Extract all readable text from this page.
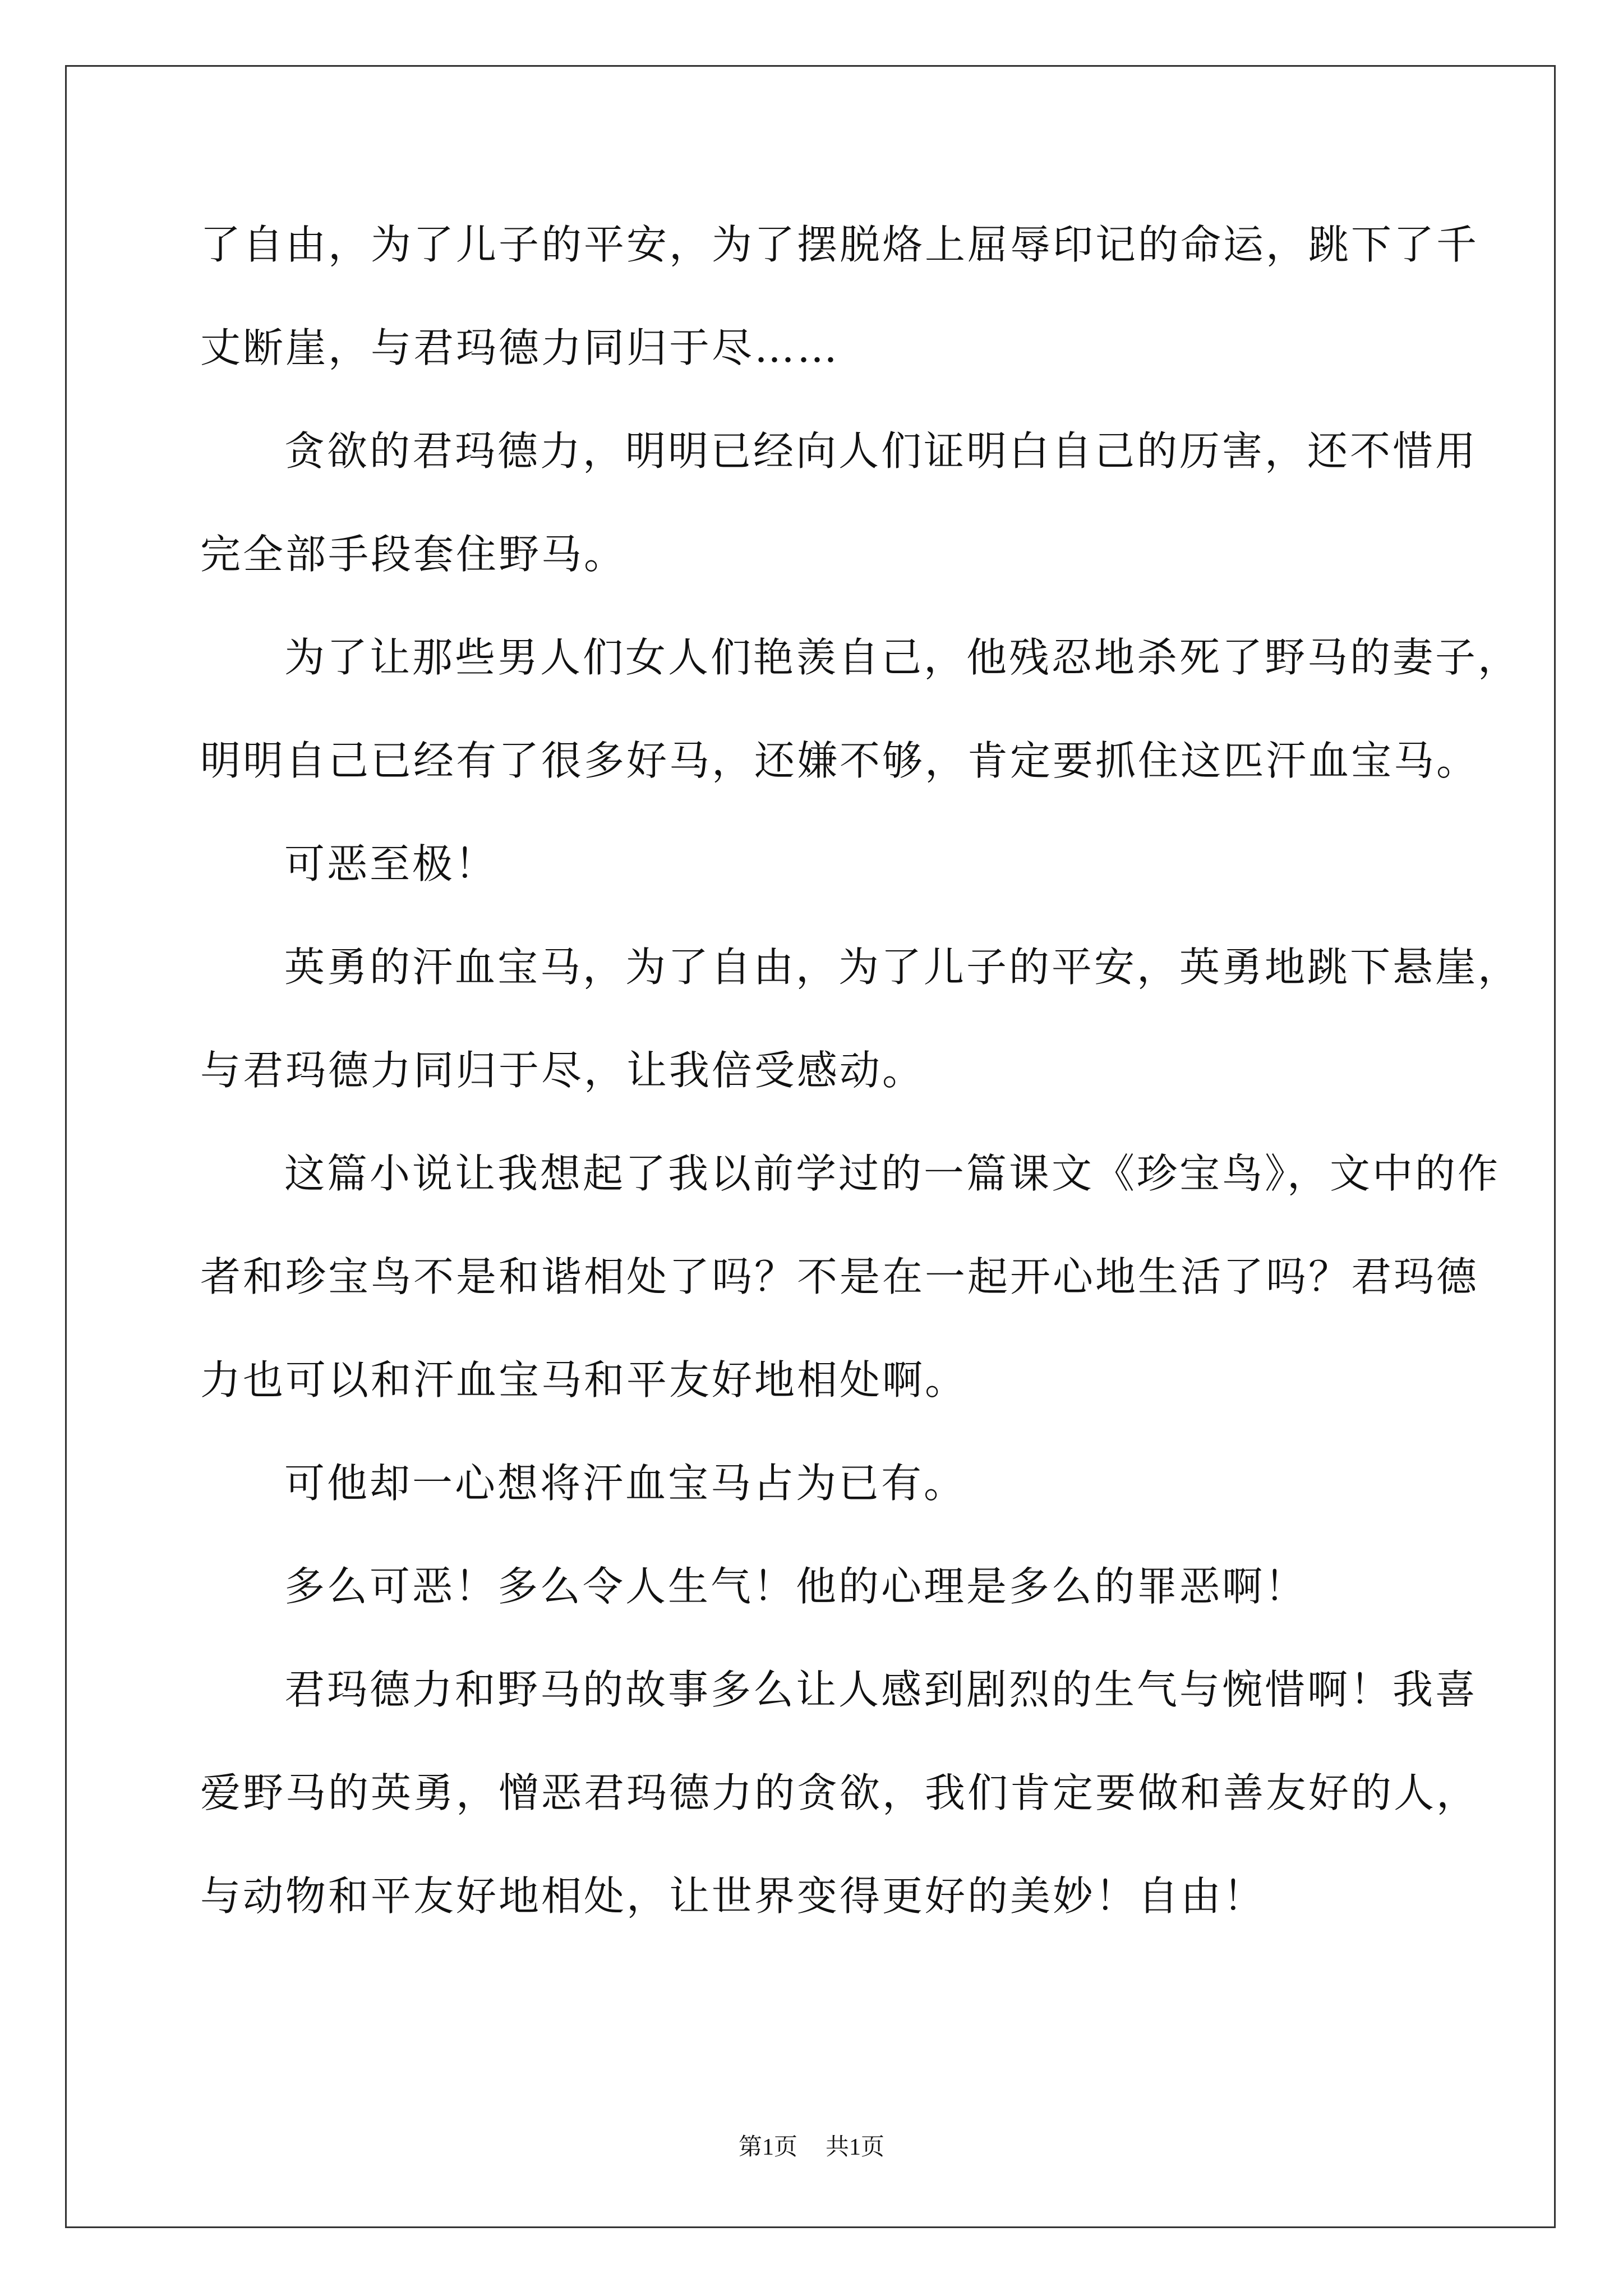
了自由，为了儿子的平安，为了摆脱烙上屈辱印记的命运，跳下了千
丈断崖，与君玛德力同归于尽……
贪欲的君玛德力，明明已经向人们证明白自己的历害，还不惜用
完全部手段套住野马。
为了让那些男人们女人们艳羡自己，他残忍地杀死了野马的妻子，
明明自己已经有了很多好马，还嫌不够，肯定要抓住这匹汗血宝马。
可恶至极！
英勇的汗血宝马，为了自由，为了儿子的平安，英勇地跳下悬崖，
与君玛德力同归于尽，让我倍受感动。
这篇小说让我想起了我以前学过的一篇课文《珍宝鸟》，文中的作
者和珍宝鸟不是和谐相处了吗？不是在一起开心地生活了吗？君玛德
力也可以和汗血宝马和平友好地相处啊。
可他却一心想将汗血宝马占为已有。
多么可恶！多么令人生气！他的心理是多么的罪恶啊！
君玛德力和野马的故事多么让人感到剧烈的生气与惋惜啊！我喜
爱野马的英勇，憎恶君玛德力的贪欲，我们肯定要做和善友好的人，
与动物和平友好地相处，让世界变得更好的美妙！自由！
第1页 共1页
